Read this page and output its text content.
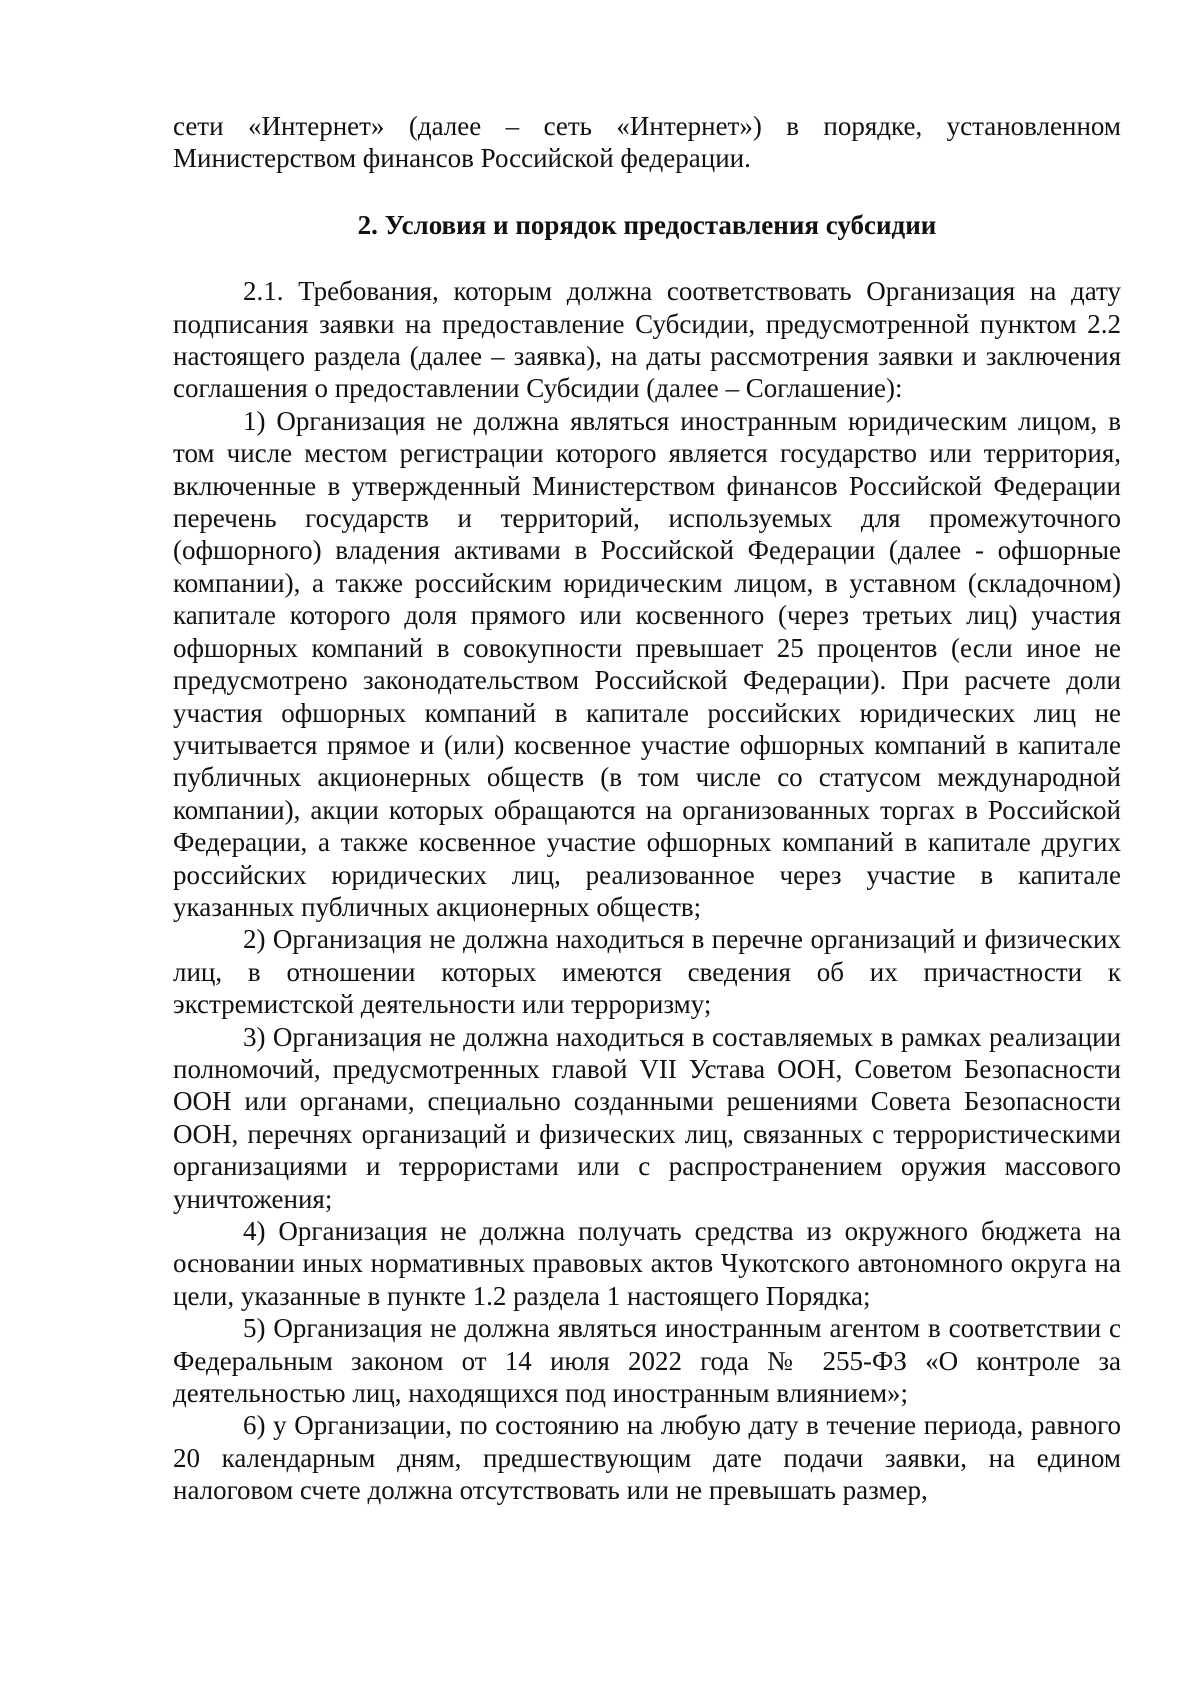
сети «Интернет» (далее – сеть «Интернет») в порядке, установленном Министерством финансов Российской федерации.

2. Условия и порядок предоставления субсидии

2.1. Требования, которым должна соответствовать Организация на дату подписания заявки на предоставление Субсидии, предусмотренной пунктом 2.2 настоящего раздела (далее – заявка), на даты рассмотрения заявки и заключения соглашения о предоставлении Субсидии (далее – Соглашение):

1) Организация не должна являться иностранным юридическим лицом, в том числе местом регистрации которого является государство или территория, включенные в утвержденный Министерством финансов Российской Федерации перечень государств и территорий, используемых для промежуточного (офшорного) владения активами в Российской Федерации (далее - офшорные компании), а также российским юридическим лицом, в уставном (складочном) капитале которого доля прямого или косвенного (через третьих лиц) участия офшорных компаний в совокупности превышает 25 процентов (если иное не предусмотрено законодательством Российской Федерации). При расчете доли участия офшорных компаний в капитале российских юридических лиц не учитывается прямое и (или) косвенное участие офшорных компаний в капитале публичных акционерных обществ (в том числе со статусом международной компании), акции которых обращаются на организованных торгах в Российской Федерации, а также косвенное участие офшорных компаний в капитале других российских юридических лиц, реализованное через участие в капитале указанных публичных акционерных обществ;

2) Организация не должна находиться в перечне организаций и физических лиц, в отношении которых имеются сведения об их причастности к экстремистской деятельности или терроризму;

3) Организация не должна находиться в составляемых в рамках реализации полномочий, предусмотренных главой VII Устава ООН, Советом Безопасности ООН или органами, специально созданными решениями Совета Безопасности ООН, перечнях организаций и физических лиц, связанных с террористическими организациями и террористами или с распространением оружия массового уничтожения;

4) Организация не должна получать средства из окружного бюджета на основании иных нормативных правовых актов Чукотского автономного округа на цели, указанные в пункте 1.2 раздела 1 настоящего Порядка;

5) Организация не должна являться иностранным агентом в соответствии с Федеральным законом от 14 июля 2022 года № 255-ФЗ «О контроле за деятельностью лиц, находящихся под иностранным влиянием»;

6) у Организации, по состоянию на любую дату в течение периода, равного 20 календарным дням, предшествующим дате подачи заявки, на едином налоговом счете должна отсутствовать или не превышать размер,
